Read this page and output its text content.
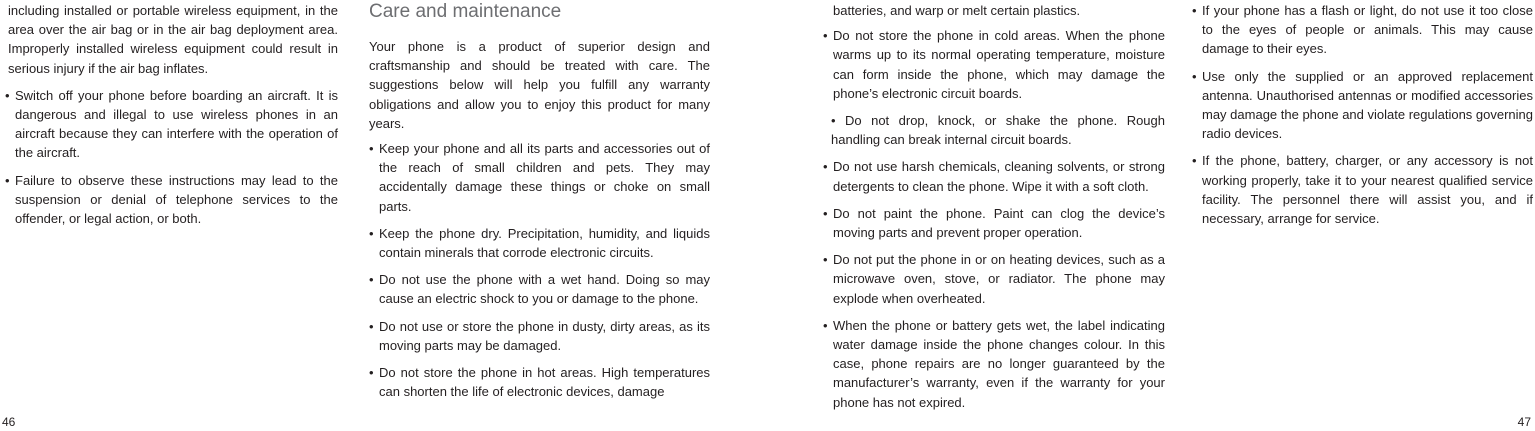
including installed or portable wireless equipment, in the area over the air bag or in the air bag deployment area. Improperly installed wireless equipment could result in serious injury if the air bag inflates.

• Switch off your phone before boarding an aircraft. It is dangerous and illegal to use wireless phones in an aircraft because they can interfere with the operation of the aircraft.
• Failure to observe these instructions may lead to the suspension or denial of telephone services to the offender, or legal action, or both.
Care and maintenance

Your phone is a product of superior design and craftsmanship and should be treated with care. The suggestions below will help you fulfill any warranty obligations and allow you to enjoy this product for many years.

• Keep your phone and all its parts and accessories out of the reach of small children and pets. They may accidentally damage these things or choke on small parts.
• Keep the phone dry. Precipitation, humidity, and liquids contain minerals that corrode electronic circuits.
• Do not use the phone with a wet hand. Doing so may cause an electric shock to you or damage to the phone.
• Do not use or store the phone in dusty, dirty areas, as its moving parts may be damaged.
• Do not store the phone in hot areas. High temperatures can shorten the life of electronic devices, damage

batteries, and warp or melt certain plastics.

• Do not store the phone in cold areas. When the phone warms up to its normal operating temperature, moisture can form inside the phone, which may damage the phone’s electronic circuit boards.

• Do not drop, knock, or shake the phone. Rough handling can break internal circuit boards.

• Do not use harsh chemicals, cleaning solvents, or strong detergents to clean the phone. Wipe it with a soft cloth.
• Do not paint the phone. Paint can clog the device’s moving parts and prevent proper operation.
• Do not put the phone in or on heating devices, such as a microwave oven, stove, or radiator. The phone may explode when overheated.
• When the phone or battery gets wet, the label indicating water damage inside the phone changes colour. In this case, phone repairs are no longer guaranteed by the manufacturer’s warranty, even if the warranty for your phone has not expired.
• If your phone has a flash or light, do not use it too close to the eyes of people or animals. This may cause damage to their eyes.
• Use only the supplied or an approved replacement antenna. Unauthorised antennas or modified accessories may damage the phone and violate regulations governing radio devices.
• If the phone, battery, charger, or any accessory is not working properly, take it to your nearest qualified service facility. The personnel there will assist you, and if necessary, arrange for service.
46	47
